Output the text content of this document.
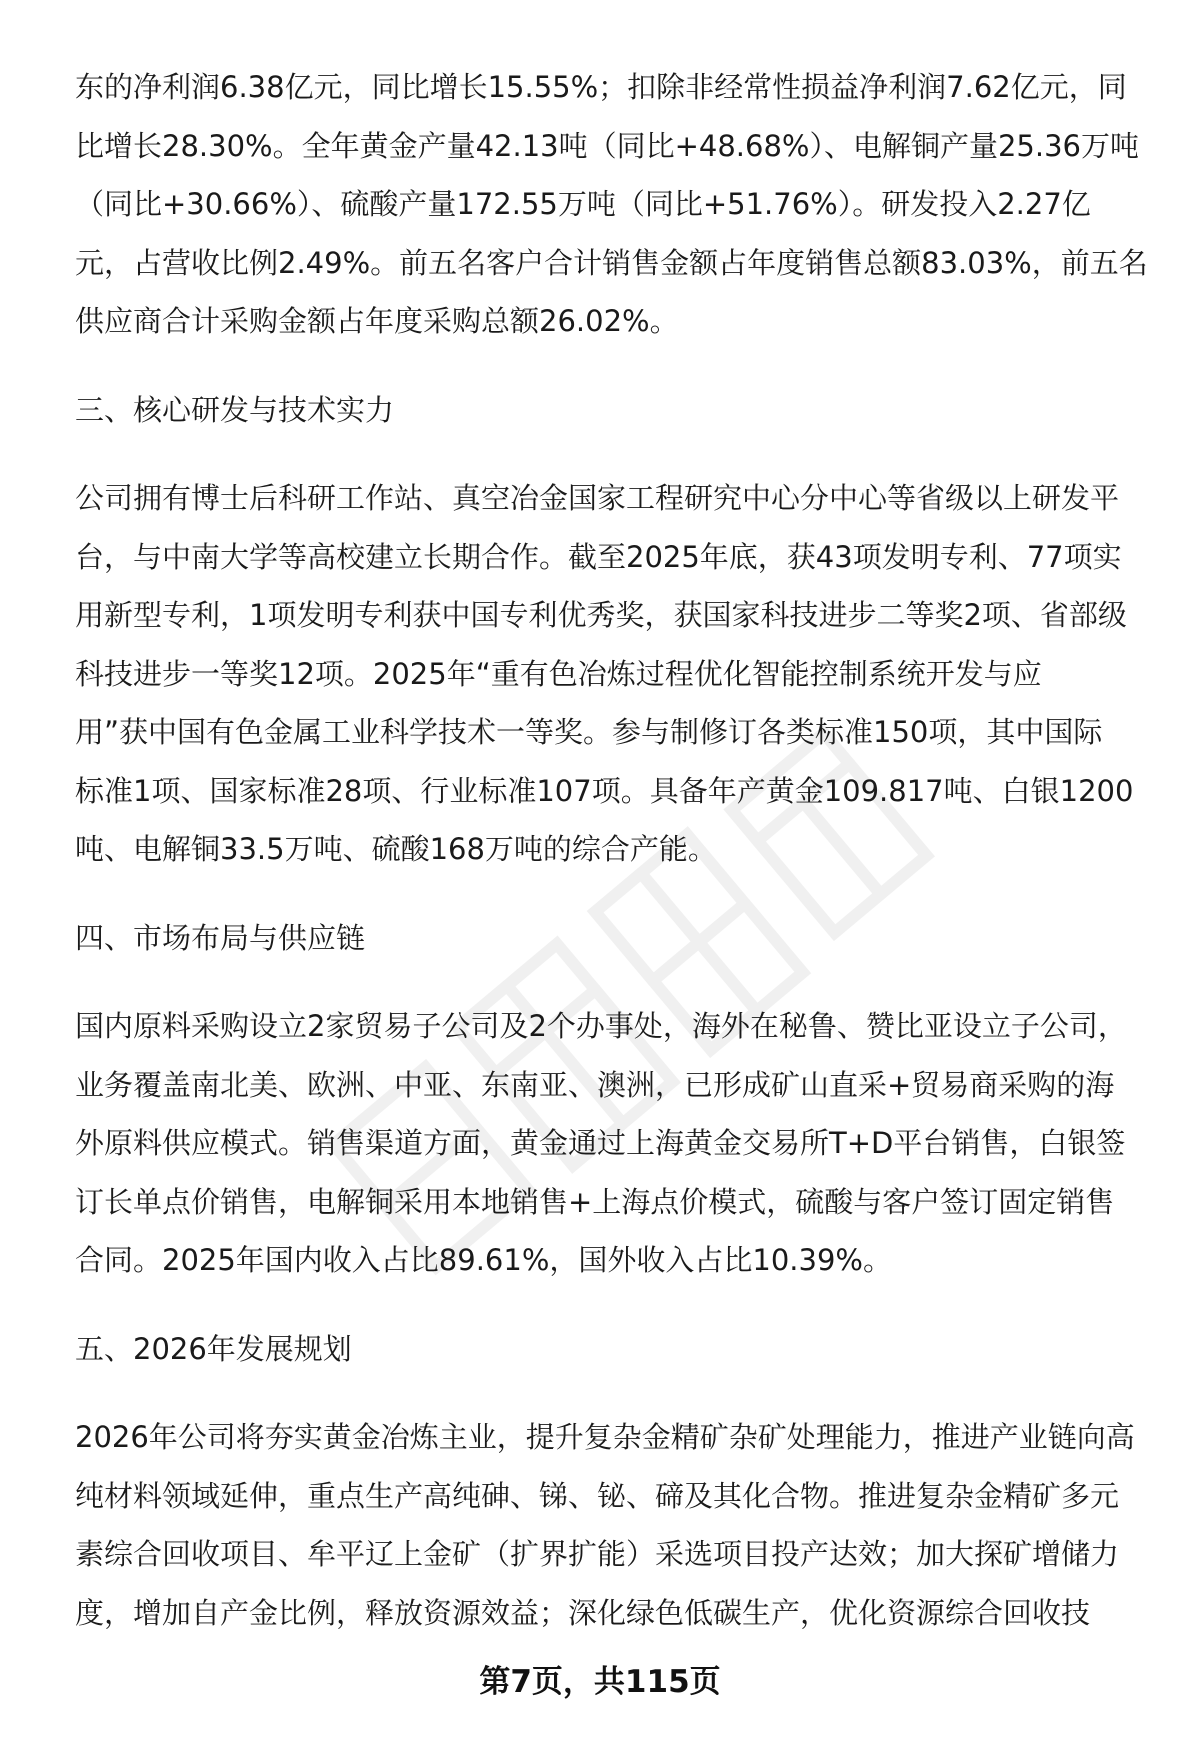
东的净利润6.38亿元，同比增长15.55%；扣除非经常性损益净利润7.62亿元，同
比增长28.30%。全年黄金产量42.13吨（同比+48.68%）、电解铜产量25.36万吨
（同比+30.66%）、硫酸产量172.55万吨（同比+51.76%）。研发投入2.27亿
元，占营收比例2.49%。前五名客户合计销售金额占年度销售总额83.03%，前五名
供应商合计采购金额占年度采购总额26.02%。

三、核心研发与技术实力

公司拥有博士后科研工作站、真空冶金国家工程研究中心分中心等省级以上研发平
台，与中南大学等高校建立长期合作。截至2025年底，获43项发明专利、77项实
用新型专利，1项发明专利获中国专利优秀奖，获国家科技进步二等奖2项、省部级
科技进步一等奖12项。2025年“重有色冶炼过程优化智能控制系统开发与应
用”获中国有色金属工业科学技术一等奖。参与制修订各类标准150项，其中国际
标准1项、国家标准28项、行业标准107项。具备年产黄金109.817吨、白银1200
吨、电解铜33.5万吨、硫酸168万吨的综合产能。

四、市场布局与供应链

国内原料采购设立2家贸易子公司及2个办事处，海外在秘鲁、赞比亚设立子公司，
业务覆盖南北美、欧洲、中亚、东南亚、澳洲，已形成矿山直采+贸易商采购的海
外原料供应模式。销售渠道方面，黄金通过上海黄金交易所T+D平台销售，白银签
订长单点价销售，电解铜采用本地销售+上海点价模式，硫酸与客户签订固定销售
合同。2025年国内收入占比89.61%，国外收入占比10.39%。

五、2026年发展规划

2026年公司将夯实黄金冶炼主业，提升复杂金精矿杂矿处理能力，推进产业链向高
纯材料领域延伸，重点生产高纯砷、锑、铋、碲及其化合物。推进复杂金精矿多元
素综合回收项目、牟平辽上金矿（扩界扩能）采选项目投产达效；加大探矿增储力
度，增加自产金比例，释放资源效益；深化绿色低碳生产，优化资源综合回收技

第7页，共115页
